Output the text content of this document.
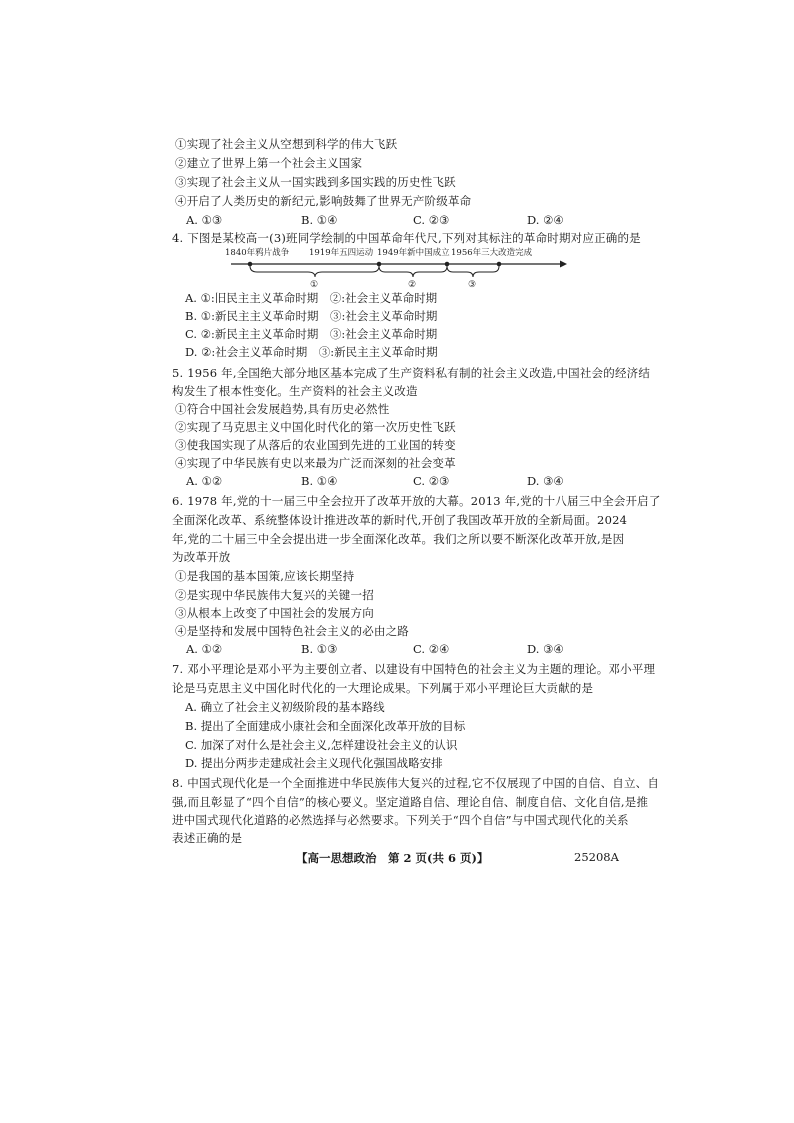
①实现了社会主义从空想到科学的伟大飞跃
②建立了世界上第一个社会主义国家
③实现了社会主义从一国实践到多国实践的历史性飞跃
④开启了人类历史的新纪元,影响鼓舞了世界无产阶级革命
A. ①③	B. ①④	C. ②③	D. ②④
4. 下图是某校高一(3)班同学绘制的中国革命年代尺,下列对其标注的革命时期对应正确的是
1840年鸦片战争 1919年五四运动 1949年新中国成立 1956年三大改造完成
①	②	③
A. ①:旧民主主义革命时期　②:社会主义革命时期
B. ①:新民主主义革命时期　③:社会主义革命时期
C. ②:新民主主义革命时期　③:社会主义革命时期
D. ②:社会主义革命时期　③:新民主主义革命时期
5. 1956 年,全国绝大部分地区基本完成了生产资料私有制的社会主义改造,中国社会的经济结
构发生了根本性变化。生产资料的社会主义改造
①符合中国社会发展趋势,具有历史必然性
②实现了马克思主义中国化时代化的第一次历史性飞跃
③使我国实现了从落后的农业国到先进的工业国的转变
④实现了中华民族有史以来最为广泛而深刻的社会变革
A. ①②	B. ①④	C. ②③	D. ③④
6. 1978 年,党的十一届三中全会拉开了改革开放的大幕。2013 年,党的十八届三中全会开启了
全面深化改革、系统整体设计推进改革的新时代,开创了我国改革开放的全新局面。2024
年,党的二十届三中全会提出进一步全面深化改革。我们之所以要不断深化改革开放,是因
为改革开放
①是我国的基本国策,应该长期坚持
②是实现中华民族伟大复兴的关键一招
③从根本上改变了中国社会的发展方向
④是坚持和发展中国特色社会主义的必由之路
A. ①②	B. ①③	C. ②④	D. ③④
7. 邓小平理论是邓小平为主要创立者、以建设有中国特色的社会主义为主题的理论。邓小平理
论是马克思主义中国化时代化的一大理论成果。下列属于邓小平理论巨大贡献的是
A. 确立了社会主义初级阶段的基本路线
B. 提出了全面建成小康社会和全面深化改革开放的目标
C. 加深了对什么是社会主义,怎样建设社会主义的认识
D. 提出分两步走建成社会主义现代化强国战略安排
8. 中国式现代化是一个全面推进中华民族伟大复兴的过程,它不仅展现了中国的自信、自立、自
强,而且彰显了“四个自信”的核心要义。坚定道路自信、理论自信、制度自信、文化自信,是推
进中国式现代化道路的必然选择与必然要求。下列关于“四个自信”与中国式现代化的关系
表述正确的是
【高一思想政治　第 2 页(共 6 页)】	25208A
